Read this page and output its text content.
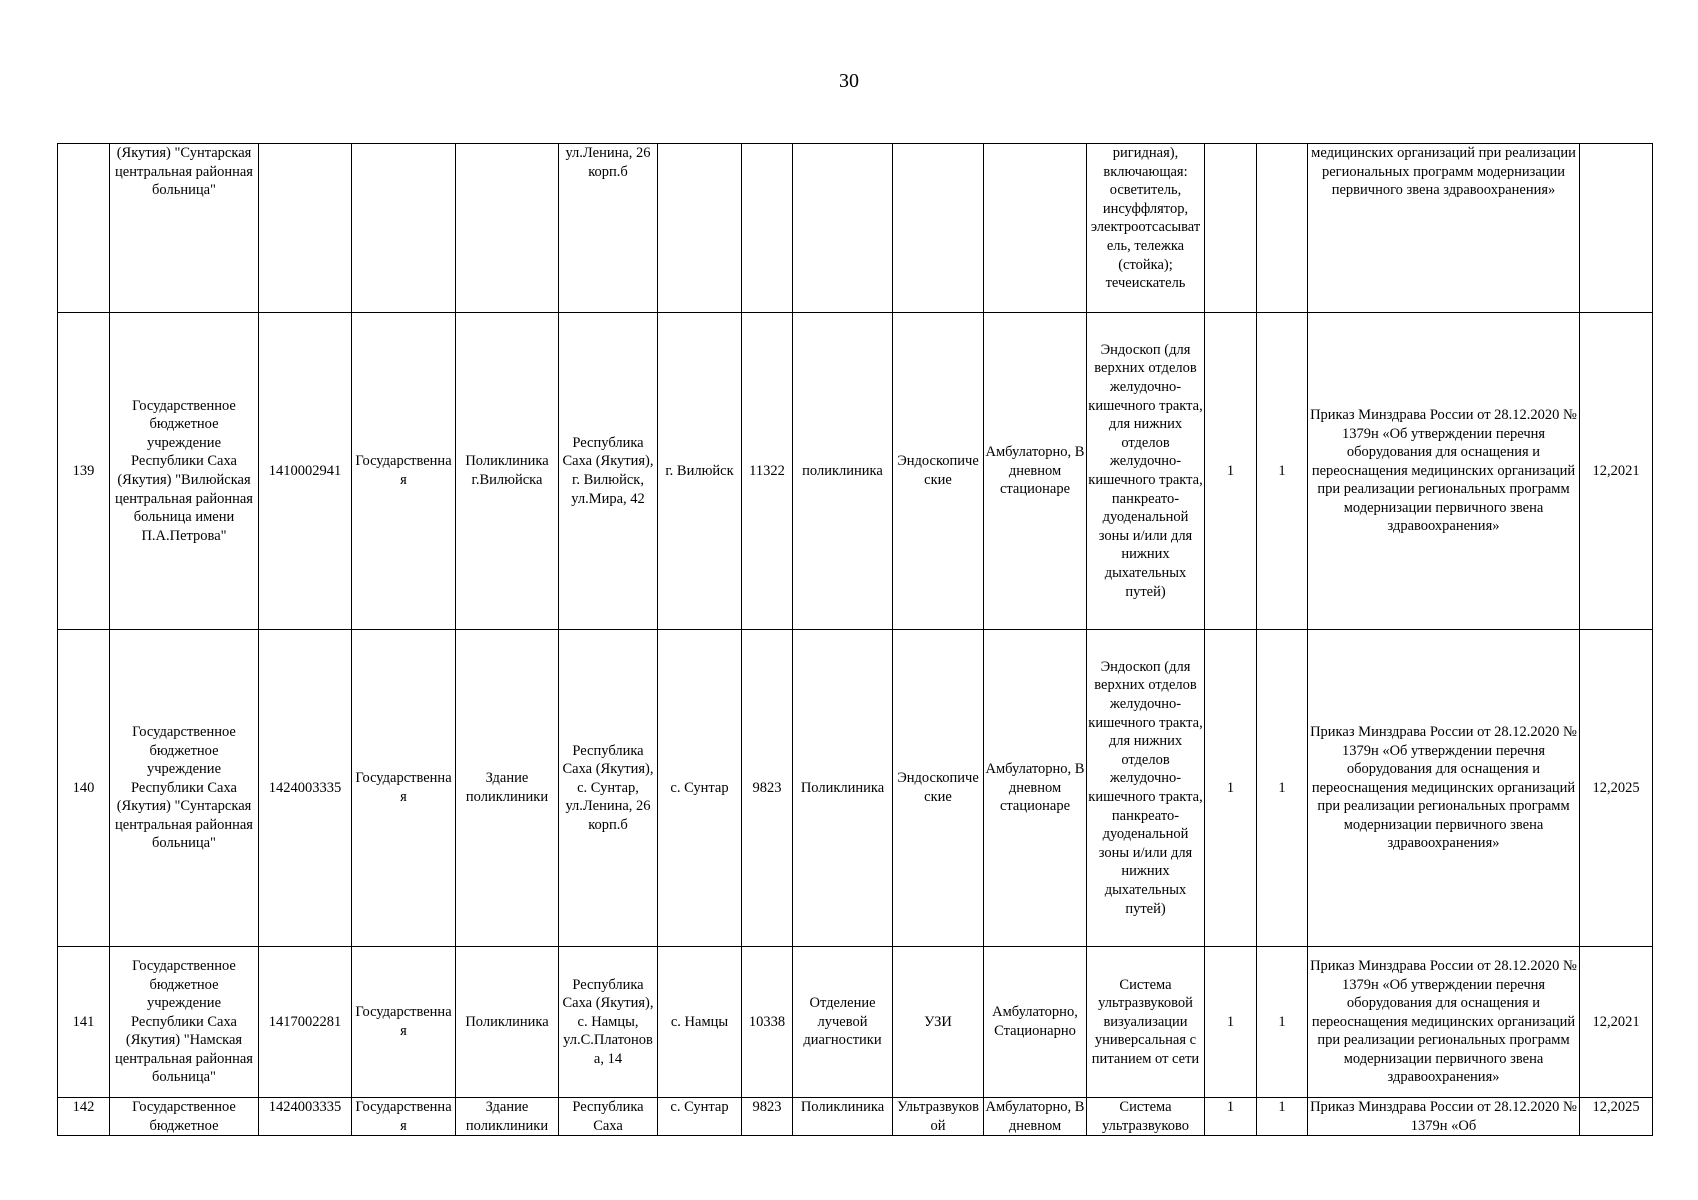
30
	(Якутия) "Сунтарская центральная районная больница"				ул.Ленина, 26 корп.б						ригидная), включающая: осветитель, инсуффлятор, электроотсасыватель, тележка (стойка); течеискатель			медицинских организаций при реализации региональных программ модернизации первичного звена здравоохранения»	
139	Государственное бюджетное учреждение Республики Саха (Якутия) "Вилюйская центральная районная больница имени П.А.Петрова"	1410002941	Государственная	Поликлиника г.Вилюйска	Республика Саха (Якутия), г. Вилюйск, ул.Мира, 42	г. Вилюйск	11322	поликлиника	Эндоскопические	Амбулаторно, В дневном стационаре	Эндоскоп (для верхних отделов желудочно-кишечного тракта, для нижних отделов желудочно-кишечного тракта, панкреато-дуоденальной зоны и/или для нижних дыхательных путей)	1	1	Приказ Минздрава России от 28.12.2020 № 1379н «Об утверждении перечня оборудования для оснащения и переоснащения медицинских организаций при реализации региональных программ модернизации первичного звена здравоохранения»	12,2021
140	Государственное бюджетное учреждение Республики Саха (Якутия) "Сунтарская центральная районная больница"	1424003335	Государственная	Здание поликлиники	Республика Саха (Якутия), с. Сунтар, ул.Ленина, 26 корп.б	с. Сунтар	9823	Поликлиника	Эндоскопические	Амбулаторно, В дневном стационаре	Эндоскоп (для верхних отделов желудочно-кишечного тракта, для нижних отделов желудочно-кишечного тракта, панкреато-дуоденальной зоны и/или для нижних дыхательных путей)	1	1	Приказ Минздрава России от 28.12.2020 № 1379н «Об утверждении перечня оборудования для оснащения и переоснащения медицинских организаций при реализации региональных программ модернизации первичного звена здравоохранения»	12,2025
141	Государственное бюджетное учреждение Республики Саха (Якутия) "Намская центральная районная больница"	1417002281	Государственная	Поликлиника	Республика Саха (Якутия), с. Намцы, ул.С.Платонова, 14	с. Намцы	10338	Отделение лучевой диагностики	УЗИ	Амбулаторно, Стационарно	Система ультразвуковой визуализации универсальная с питанием от сети	1	1	Приказ Минздрава России от 28.12.2020 № 1379н «Об утверждении перечня оборудования для оснащения и переоснащения медицинских организаций при реализации региональных программ модернизации первичного звена здравоохранения»	12,2021
142	Государственное бюджетное	1424003335	Государственная	Здание поликлиники	Республика Саха	с. Сунтар	9823	Поликлиника	Ультразвуковой	Амбулаторно, В дневном	Система ультразвуково	1	1	Приказ Минздрава России от 28.12.2020 № 1379н «Об	12,2025
